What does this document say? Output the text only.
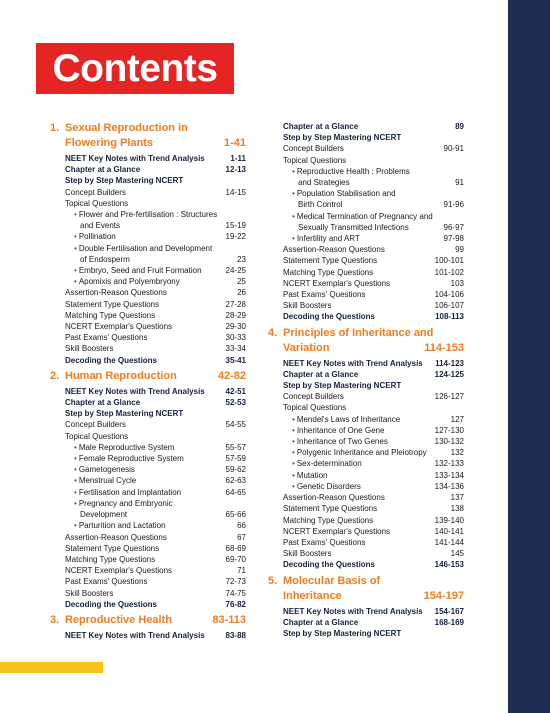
Contents
1. Sexual Reproduction in
Flowering Plants	1-41
NEET Key Notes with Trend Analysis	1-11
Chapter at a Glance	12-13
Step by Step Mastering NCERT
Concept Builders	14-15
Topical Questions
• Flower and Pre-fertilisation : Structures
and Events	15-19
• Pollination	19-22
• Double Fertilisation and Development
of Endosperm	23
• Embryo, Seed and Fruit Formation	24-25
• Apomixis and Polyembryony	25
Assertion-Reason Questions	26
Statement Type Questions	27-28
Matching Type Questions	28-29
NCERT Exemplar's Questions	29-30
Past Exams' Questions	30-33
Skill Boosters	33-34
Decoding the Questions	35-41
2. Human Reproduction	42-82
NEET Key Notes with Trend Analysis	42-51
Chapter at a Glance	52-53
Step by Step Mastering NCERT
Concept Builders	54-55
Topical Questions
• Male Reproductive System	55-57
• Female Reproductive System	57-59
• Gametogenesis	59-62
• Menstrual Cycle	62-63
• Fertilisation and Implantation	64-65
• Pregnancy and Embryonic
Development	65-66
• Parturition and Lactation	66
Assertion-Reason Questions	67
Statement Type Questions	68-69
Matching Type Questions	69-70
NCERT Exemplar's Questions	71
Past Exams' Questions	72-73
Skill Boosters	74-75
Decoding the Questions	76-82
3. Reproductive Health	83-113
NEET Key Notes with Trend Analysis	83-88
Chapter at a Glance	89
Step by Step Mastering NCERT
Concept Builders	90-91
Topical Questions
• Reproductive Health : Problems
and Strategies	91
• Population Stabilisation and
Birth Control	91-96
• Medical Termination of Pregnancy and
Sexually Transmitted Infections	96-97
• Infertility and ART	97-98
Assertion-Reason Questions	99
Statement Type Questions	100-101
Matching Type Questions	101-102
NCERT Exemplar's Questions	103
Past Exams' Questions	104-106
Skill Boosters	106-107
Decoding the Questions	108-113
4. Principles of Inheritance and
Variation	114-153
NEET Key Notes with Trend Analysis	114-123
Chapter at a Glance	124-125
Step by Step Mastering NCERT
Concept Builders	126-127
Topical Questions
• Mendel's Laws of Inheritance	127
• Inheritance of One Gene	127-130
• Inheritance of Two Genes	130-132
• Polygenic Inheritance and Pleiotropy	132
• Sex-determination	132-133
• Mutation	133-134
• Genetic Disorders	134-136
Assertion-Reason Questions	137
Statement Type Questions	138
Matching Type Questions	139-140
NCERT Exemplar's Questions	140-141
Past Exams' Questions	141-144
Skill Boosters	145
Decoding the Questions	146-153
5. Molecular Basis of
Inheritance	154-197
NEET Key Notes with Trend Analysis	154-167
Chapter at a Glance	168-169
Step by Step Mastering NCERT
